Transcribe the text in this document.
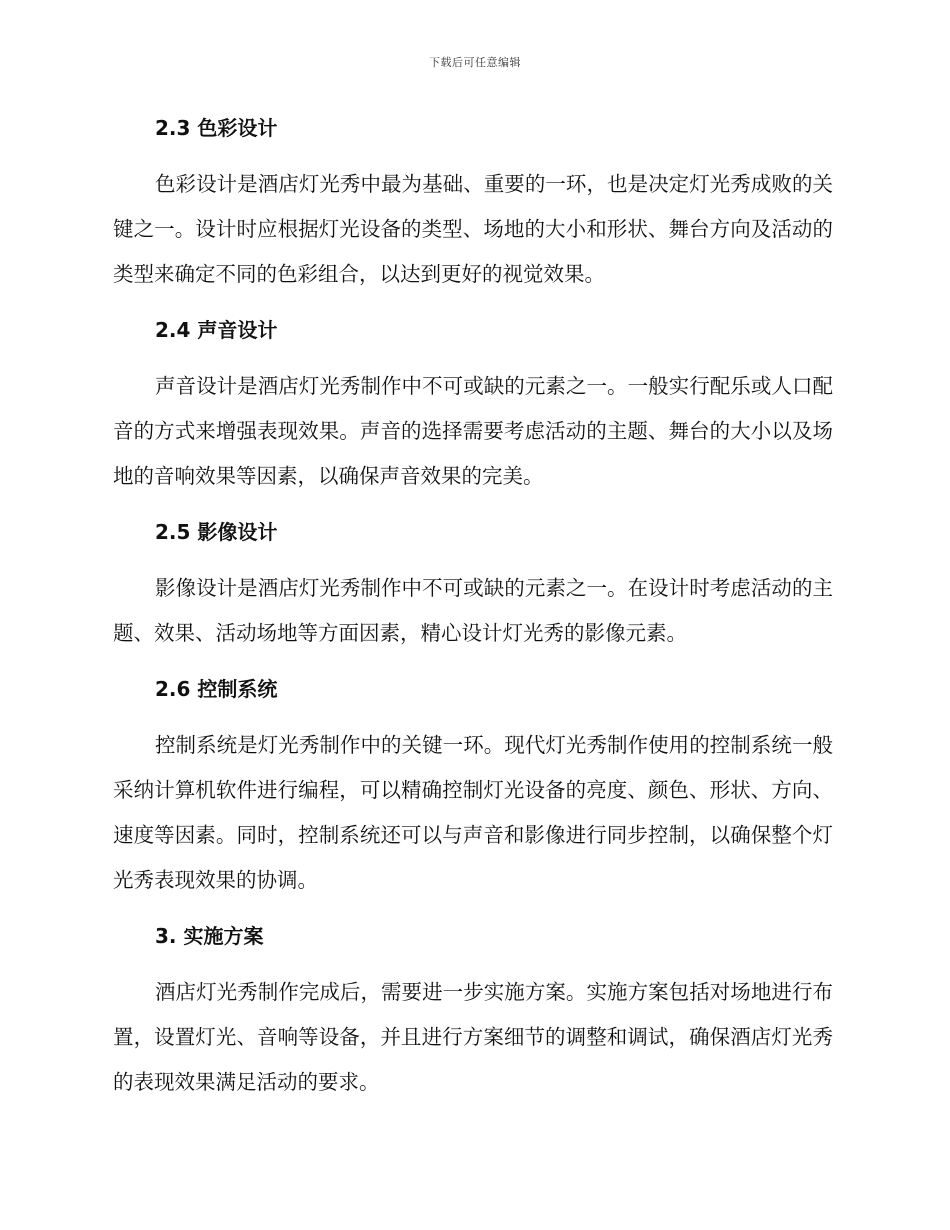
下载后可任意编辑
2.3 色彩设计

色彩设计是酒店灯光秀中最为基础、重要的一环，也是决定灯光秀成败的关键之一。设计时应根据灯光设备的类型、场地的大小和形状、舞台方向及活动的类型来确定不同的色彩组合，以达到更好的视觉效果。

2.4 声音设计

声音设计是酒店灯光秀制作中不可或缺的元素之一。一般实行配乐或人口配音的方式来增强表现效果。声音的选择需要考虑活动的主题、舞台的大小以及场地的音响效果等因素，以确保声音效果的完美。

2.5 影像设计

影像设计是酒店灯光秀制作中不可或缺的元素之一。在设计时考虑活动的主题、效果、活动场地等方面因素，精心设计灯光秀的影像元素。

2.6 控制系统

控制系统是灯光秀制作中的关键一环。现代灯光秀制作使用的控制系统一般采纳计算机软件进行编程，可以精确控制灯光设备的亮度、颜色、形状、方向、速度等因素。同时，控制系统还可以与声音和影像进行同步控制，以确保整个灯光秀表现效果的协调。

3. 实施方案

酒店灯光秀制作完成后，需要进一步实施方案。实施方案包括对场地进行布置，设置灯光、音响等设备，并且进行方案细节的调整和调试，确保酒店灯光秀的表现效果满足活动的要求。
